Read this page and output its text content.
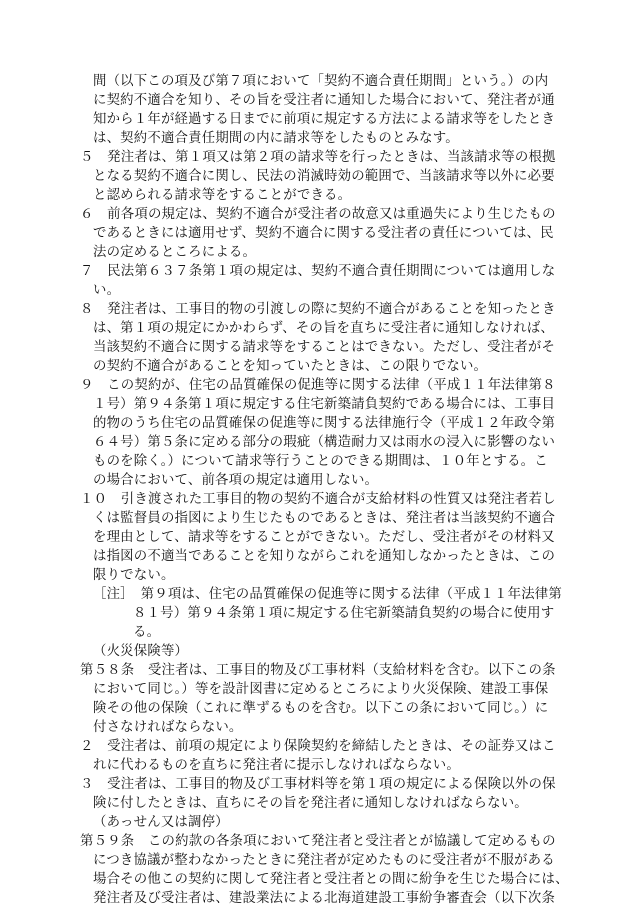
間（以下この項及び第７項において「契約不適合責任期間」という。）の内
に契約不適合を知り、その旨を受注者に通知した場合において、発注者が通
知から１年が経過する日までに前項に規定する方法による請求等をしたとき
は、契約不適合責任期間の内に請求等をしたものとみなす。
５　発注者は、第１項又は第２項の請求等を行ったときは、当該請求等の根拠
となる契約不適合に関し、民法の消滅時効の範囲で、当該請求等以外に必要
と認められる請求等をすることができる。
６　前各項の規定は、契約不適合が受注者の故意又は重過失により生じたもの
であるときには適用せず、契約不適合に関する受注者の責任については、民
法の定めるところによる。
７　民法第６３７条第１項の規定は、契約不適合責任期間については適用しな
い。
８　発注者は、工事目的物の引渡しの際に契約不適合があることを知ったとき
は、第１項の規定にかかわらず、その旨を直ちに受注者に通知しなければ、
当該契約不適合に関する請求等をすることはできない。ただし、受注者がそ
の契約不適合があることを知っていたときは、この限りでない。
９　この契約が、住宅の品質確保の促進等に関する法律（平成１１年法律第８
１号）第９４条第１項に規定する住宅新築請負契約である場合には、工事目
的物のうち住宅の品質確保の促進等に関する法律施行令（平成１２年政令第
６４号）第５条に定める部分の瑕疵（構造耐力又は雨水の浸入に影響のない
ものを除く。）について請求等行うことのできる期間は、１０年とする。こ
の場合において、前各項の規定は適用しない。
１０　引き渡された工事目的物の契約不適合が支給材料の性質又は発注者若し
くは監督員の指図により生じたものであるときは、発注者は当該契約不適合
を理由として、請求等をすることができない。ただし、受注者がその材料又
は指図の不適当であることを知りながらこれを通知しなかったときは、この
限りでない。
［注］　第９項は、住宅の品質確保の促進等に関する法律（平成１１年法律第
８１号）第９４条第１項に規定する住宅新築請負契約の場合に使用す
る。
（火災保険等）
第５８条　受注者は、工事目的物及び工事材料（支給材料を含む。以下この条
において同じ。）等を設計図書に定めるところにより火災保険、建設工事保
険その他の保険（これに準ずるものを含む。以下この条において同じ。）に
付さなければならない。
２　受注者は、前項の規定により保険契約を締結したときは、その証券又はこ
れに代わるものを直ちに発注者に提示しなければならない。
３　受注者は、工事目的物及び工事材料等を第１項の規定による保険以外の保
険に付したときは、直ちにその旨を発注者に通知しなければならない。
（あっせん又は調停）
第５９条　この約款の各条項において発注者と受注者とが協議して定めるもの
につき協議が整わなかったときに発注者が定めたものに受注者が不服がある
場合その他この契約に関して発注者と受注者との間に紛争を生じた場合には、
発注者及び受注者は、建設業法による北海道建設工事紛争審査会（以下次条
